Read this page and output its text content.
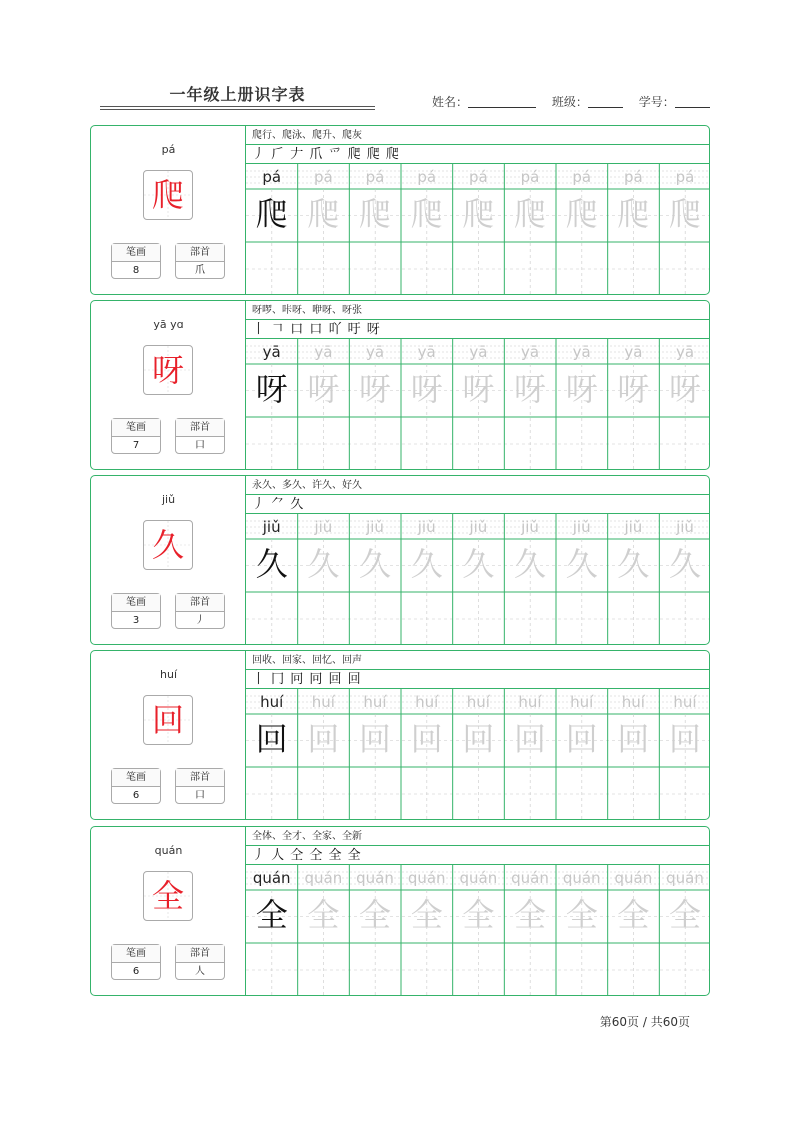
一年级上册识字表	姓名：	班级：	学号：
pá
爬
笔画
8
部首
爪
爬行、爬泳、爬升、爬灰
丿 𠂆 𠂇 爪 爫 爬 爬 爬
pá	pá	pá	pá	pá	pá	pá	pá	pá
爬 爬 爬 爬 爬 爬 爬 爬 爬
yā yɑ
呀
笔画
7
部首
口
呀啰、咔呀、咿呀、呀张
丨 𠃍 口 口 吖 吁 呀
yā	yā	yā	yā	yā	yā	yā	yā	yā
呀 呀 呀 呀 呀 呀 呀 呀 呀
jiǔ
久
笔画
3
部首
丿
永久、多久、许久、好久
丿 ⺈ 久
jiǔ	jiǔ	jiǔ	jiǔ	jiǔ	jiǔ	jiǔ	jiǔ	jiǔ
久 久 久 久 久 久 久 久 久
huí
回
笔画
6
部首
口
回收、回家、回忆、回声
丨 冂 冋 冋 回 回
huí	huí	huí	huí	huí	huí	huí	huí	huí
回 回 回 回 回 回 回 回 回
quán
全
笔画
6
部首
人
全体、全才、全家、全新
丿 人 仝 仝 全 全
quán quán quán quán quán quán quán quán quán
全 全 全 全 全 全 全 全 全
第60页 / 共60页
